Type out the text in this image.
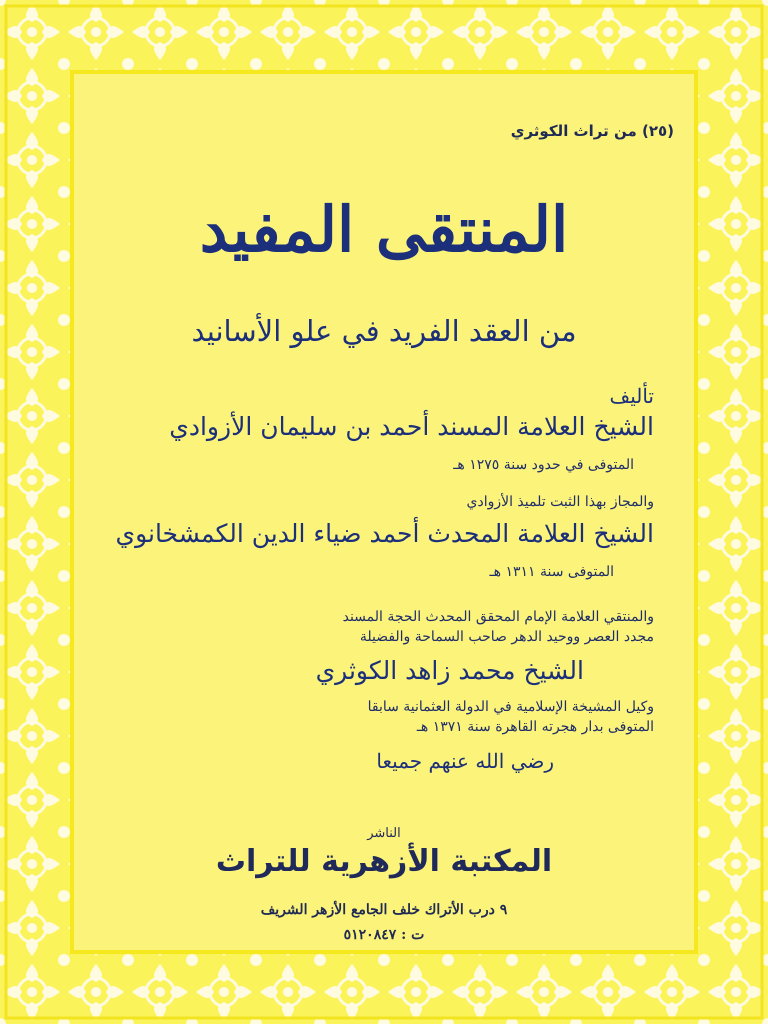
(٢٥) من تراث الكوثري
المنتقى المفيد
من العقد الفريد في علو الأسانيد
تأليف
الشيخ العلامة المسند أحمد بن سليمان الأزوادي
المتوفى في حدود سنة ١٢٧٥ هـ
والمجاز بهذا الثبت تلميذ الأزوادي
الشيخ العلامة المحدث أحمد ضياء الدين الكمشخانوي
المتوفى سنة ١٣١١ هـ
والمنتقي العلامة الإمام المحقق المحدث الحجة المسند
مجدد العصر ووحيد الدهر صاحب السماحة والفضيلة
الشيخ محمد زاهد الكوثري
وكيل المشيخة الإسلامية في الدولة العثمانية سابقا
المتوفى بدار هجرته القاهرة سنة ١٣٧١ هـ
رضي الله عنهم جميعا
الناشر
المكتبة الأزهرية للتراث
٩ درب الأتراك خلف الجامع الأزهر الشريف
ت : ٥١٢٠٨٤٧
